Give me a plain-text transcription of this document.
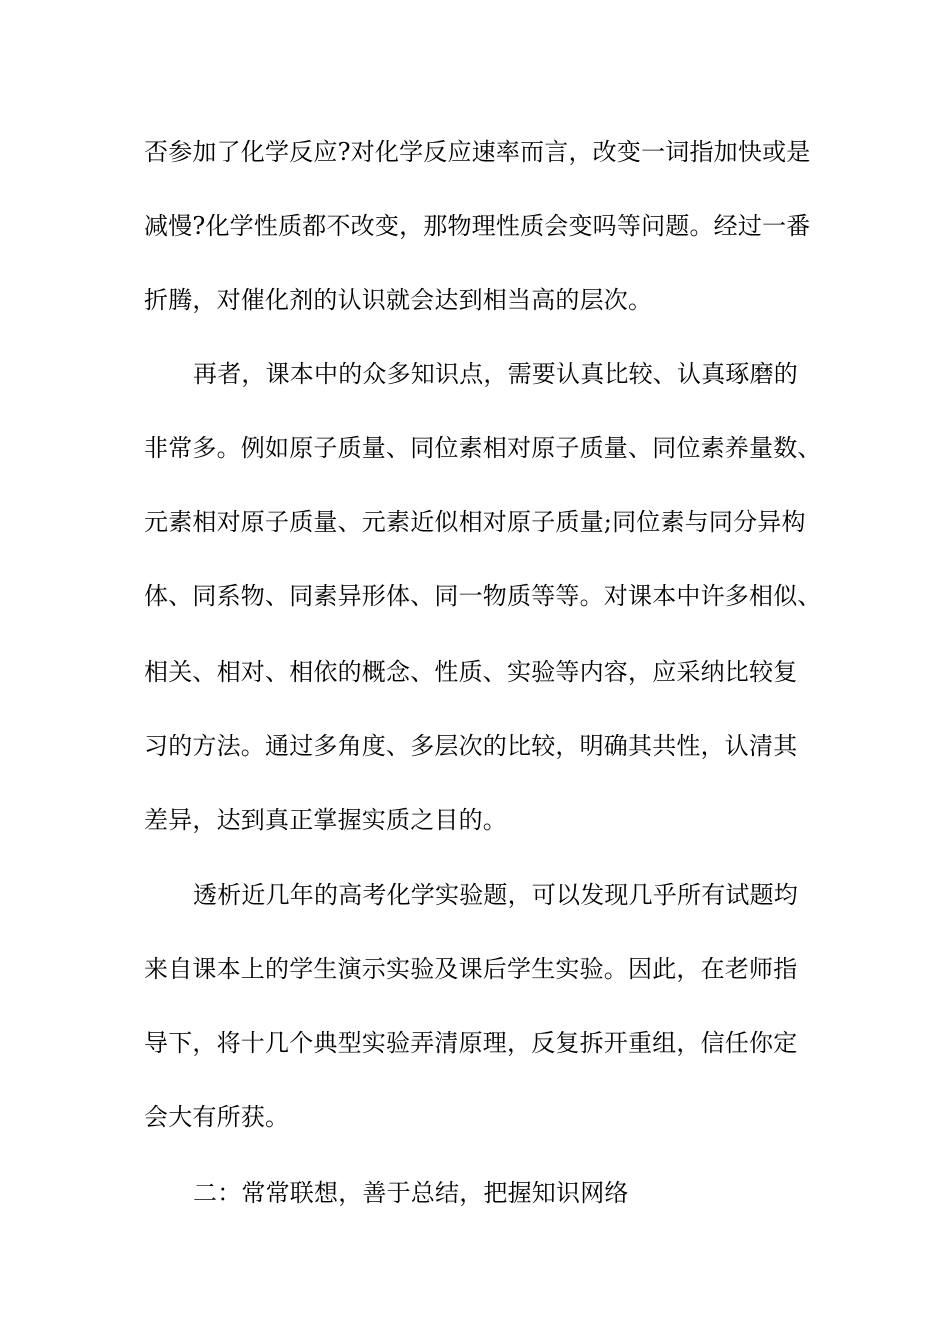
否参加了化学反应?对化学反应速率而言，改变一词指加快或是
减慢?化学性质都不改变，那物理性质会变吗等问题。经过一番
折腾，对催化剂的认识就会达到相当高的层次。
再者，课本中的众多知识点，需要认真比较、认真琢磨的
非常多。例如原子质量、同位素相对原子质量、同位素养量数、
元素相对原子质量、元素近似相对原子质量;同位素与同分异构
体、同系物、同素异形体、同一物质等等。对课本中许多相似、
相关、相对、相依的概念、性质、实验等内容，应采纳比较复
习的方法。通过多角度、多层次的比较，明确其共性，认清其
差异，达到真正掌握实质之目的。
透析近几年的高考化学实验题，可以发现几乎所有试题均
来自课本上的学生演示实验及课后学生实验。因此，在老师指
导下，将十几个典型实验弄清原理，反复拆开重组，信任你定
会大有所获。
二：常常联想，善于总结，把握知识网络
